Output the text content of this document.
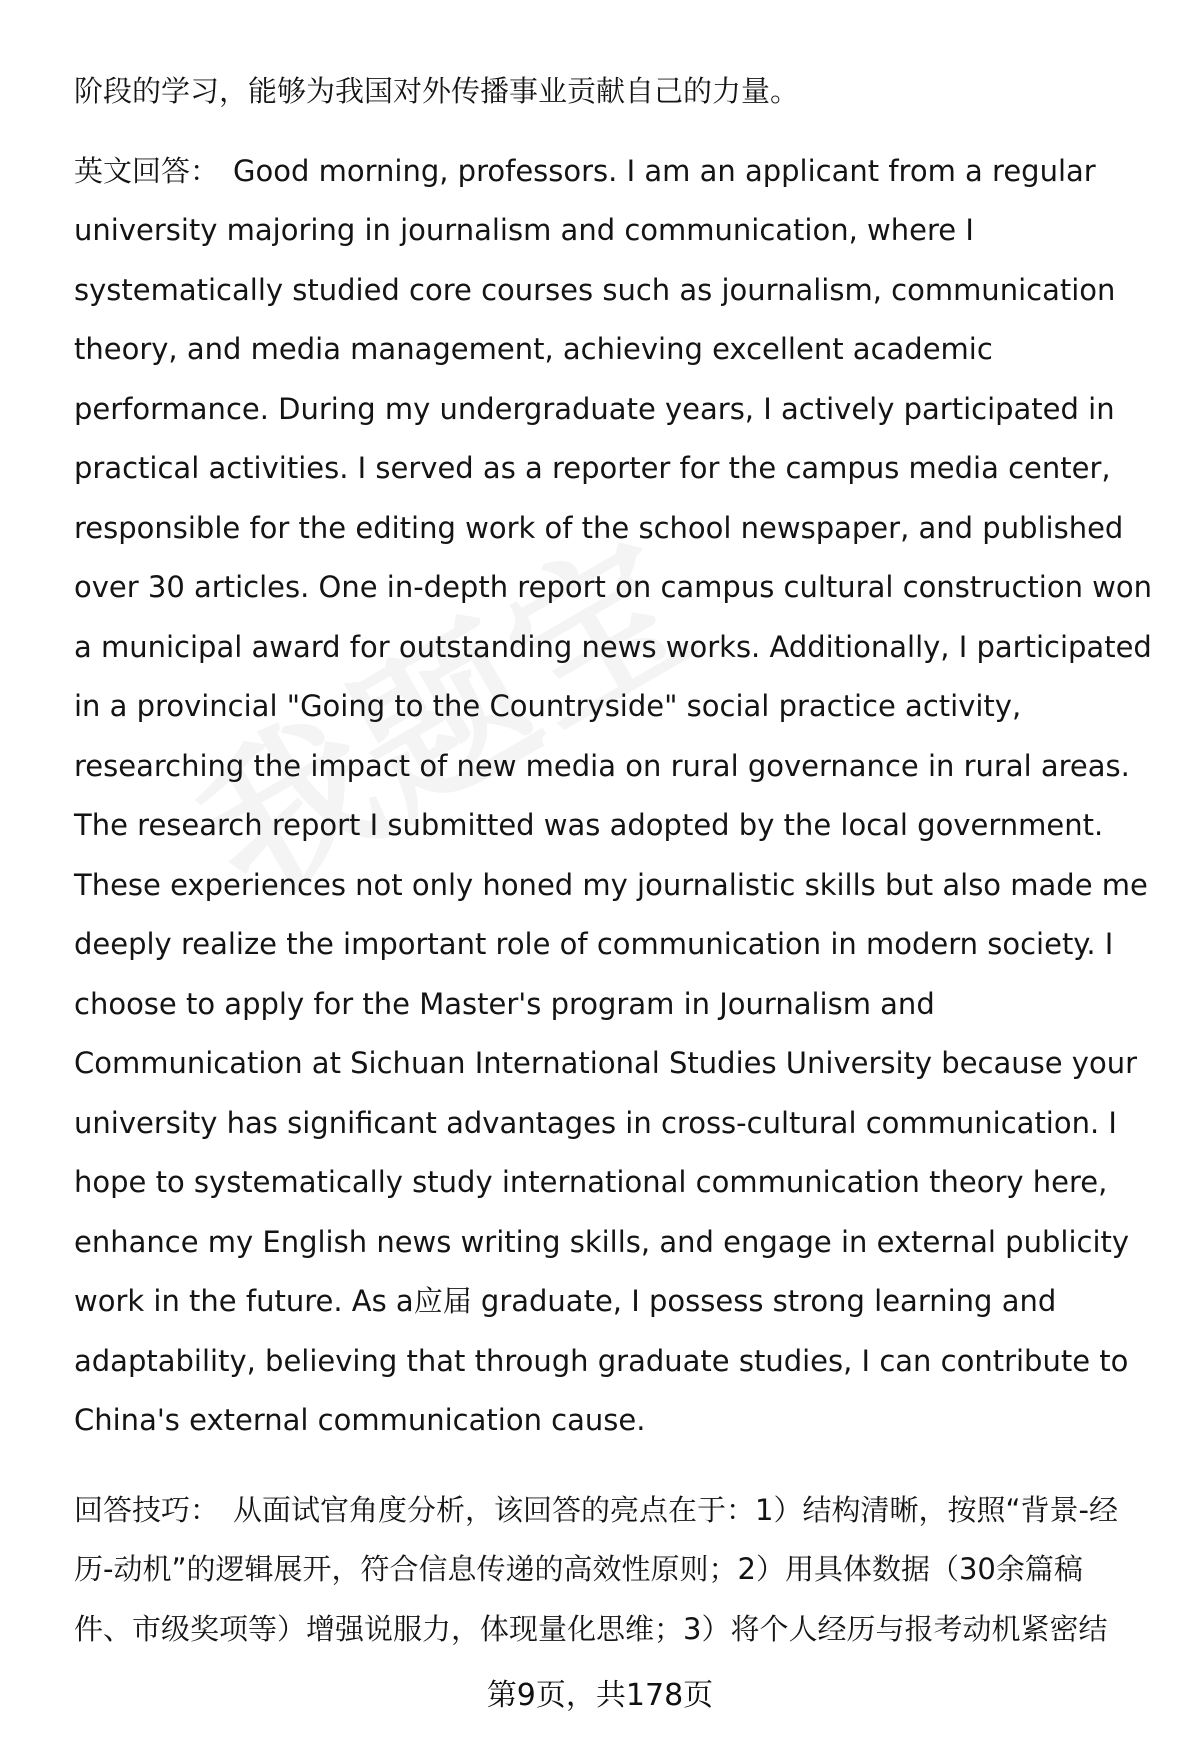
阶段的学习，能够为我国对外传播事业贡献自己的力量。
英文回答： Good morning, professors. I am an applicant from a regular
university majoring in journalism and communication, where I
systematically studied core courses such as journalism, communication
theory, and media management, achieving excellent academic
performance. During my undergraduate years, I actively participated in
practical activities. I served as a reporter for the campus media center,
responsible for the editing work of the school newspaper, and published
over 30 articles. One in-depth report on campus cultural construction won
a municipal award for outstanding news works. Additionally, I participated
in a provincial "Going to the Countryside" social practice activity,
researching the impact of new media on rural governance in rural areas.
The research report I submitted was adopted by the local government.
These experiences not only honed my journalistic skills but also made me
deeply realize the important role of communication in modern society. I
choose to apply for the Master's program in Journalism and
Communication at Sichuan International Studies University because your
university has significant advantages in cross-cultural communication. I
hope to systematically study international communication theory here,
enhance my English news writing skills, and engage in external publicity
work in the future. As a应届 graduate, I possess strong learning and
adaptability, believing that through graduate studies, I can contribute to
China's external communication cause.
回答技巧： 从面试官角度分析，该回答的亮点在于：1）结构清晰，按照“背景-经
历-动机”的逻辑展开，符合信息传递的高效性原则；2）用具体数据（30余篇稿
件、市级奖项等）增强说服力，体现量化思维；3）将个人经历与报考动机紧密结
第9页，共178页
